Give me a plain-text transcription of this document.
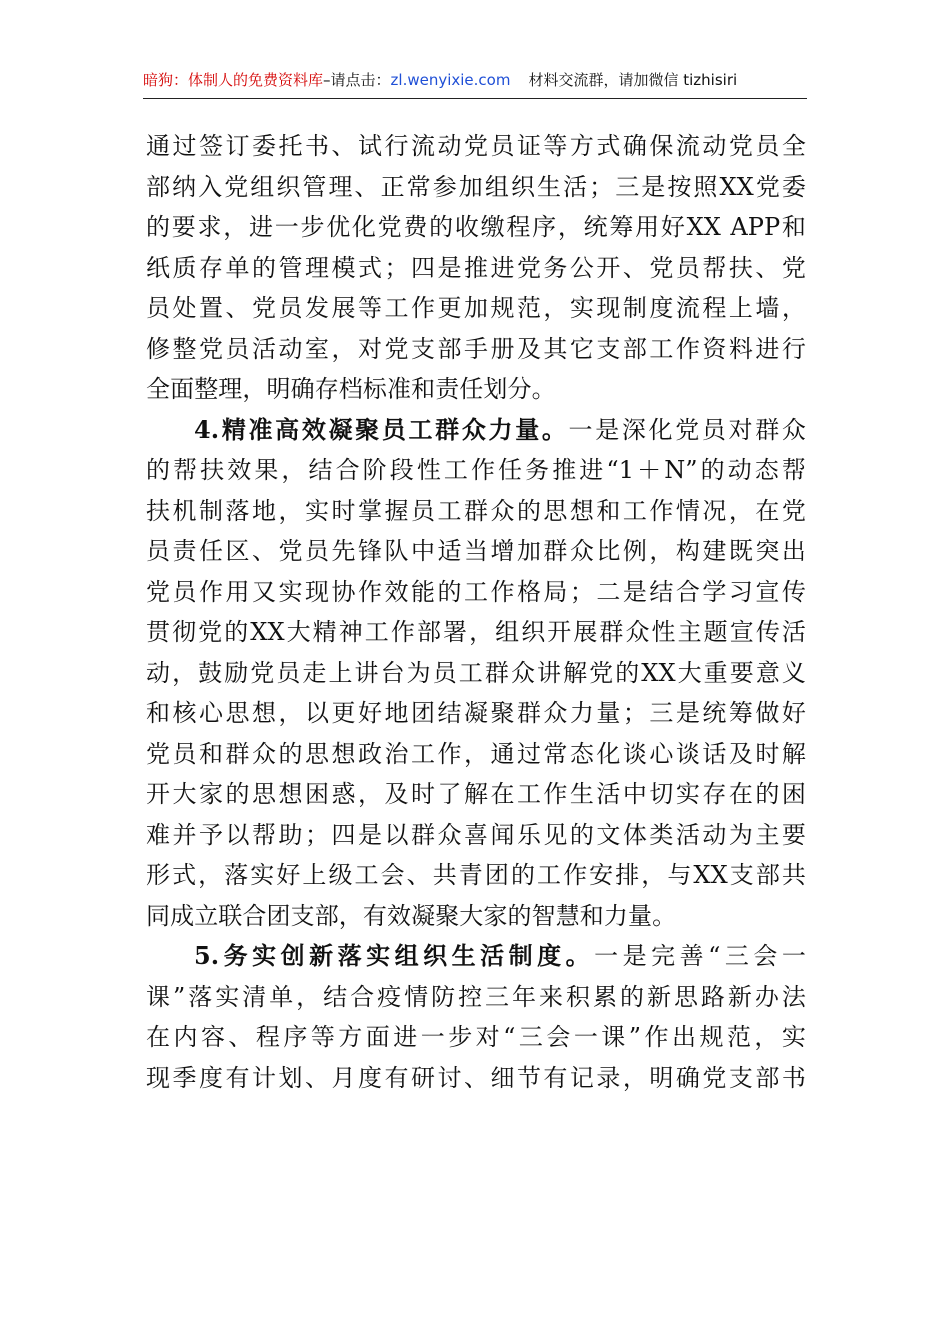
暗狗：体制人的免费资料库–请点击：zl.wenyixie.com 材料交流群，请加微信 tizhisiri
通过签订委托书、试行流动党员证等方式确保流动党员全
部纳入党组织管理、正常参加组织生活；三是按照XX党委
的要求，进一步优化党费的收缴程序，统筹用好XX APP和
纸质存单的管理模式；四是推进党务公开、党员帮扶、党
员处置、党员发展等工作更加规范，实现制度流程上墙，
修整党员活动室，对党支部手册及其它支部工作资料进行
全面整理，明确存档标准和责任划分。
4.精准高效凝聚员工群众力量。一是深化党员对群众
的帮扶效果，结合阶段性工作任务推进“1＋N”的动态帮
扶机制落地，实时掌握员工群众的思想和工作情况，在党
员责任区、党员先锋队中适当增加群众比例，构建既突出
党员作用又实现协作效能的工作格局；二是结合学习宣传
贯彻党的XX大精神工作部署，组织开展群众性主题宣传活
动，鼓励党员走上讲台为员工群众讲解党的XX大重要意义
和核心思想，以更好地团结凝聚群众力量；三是统筹做好
党员和群众的思想政治工作，通过常态化谈心谈话及时解
开大家的思想困惑，及时了解在工作生活中切实存在的困
难并予以帮助；四是以群众喜闻乐见的文体类活动为主要
形式，落实好上级工会、共青团的工作安排，与XX支部共
同成立联合团支部，有效凝聚大家的智慧和力量。
5.务实创新落实组织生活制度。一是完善“三会一
课”落实清单，结合疫情防控三年来积累的新思路新办法
在内容、程序等方面进一步对“三会一课”作出规范，实
现季度有计划、月度有研讨、细节有记录，明确党支部书
